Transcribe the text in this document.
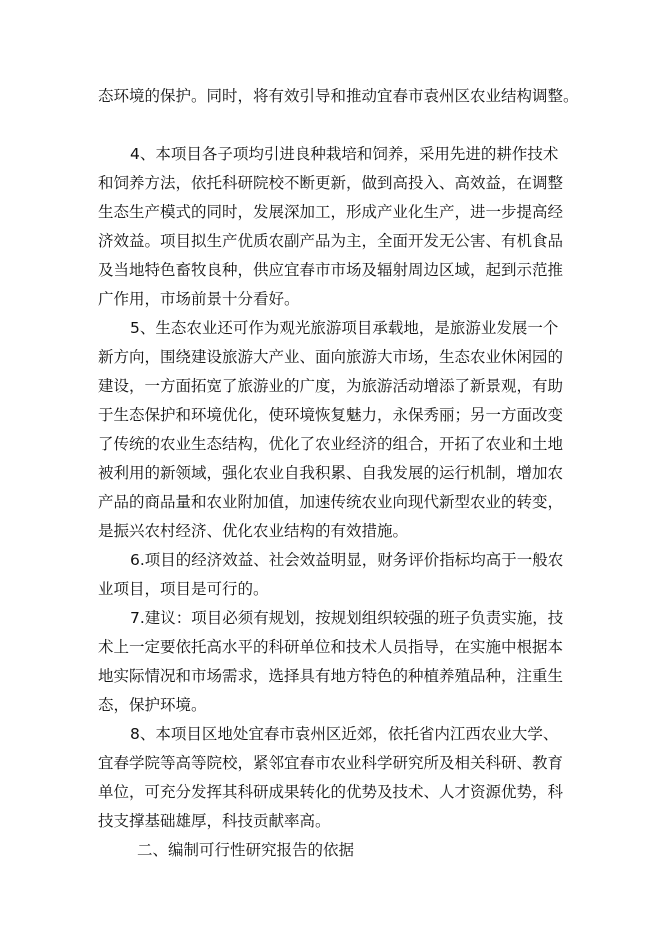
态环境的保护。同时，将有效引导和推动宜春市袁州区农业结构调整。
4、本项目各子项均引进良种栽培和饲养，采用先进的耕作技术
和饲养方法，依托科研院校不断更新，做到高投入、高效益，在调整
生态生产模式的同时，发展深加工，形成产业化生产，进一步提高经
济效益。项目拟生产优质农副产品为主，全面开发无公害、有机食品
及当地特色畜牧良种，供应宜春市市场及辐射周边区域，起到示范推
广作用，市场前景十分看好。
5、生态农业还可作为观光旅游项目承载地，是旅游业发展一个
新方向，围绕建设旅游大产业、面向旅游大市场，生态农业休闲园的
建设，一方面拓宽了旅游业的广度，为旅游活动增添了新景观，有助
于生态保护和环境优化，使环境恢复魅力，永保秀丽；另一方面改变
了传统的农业生态结构，优化了农业经济的组合，开拓了农业和土地
被利用的新领域，强化农业自我积累、自我发展的运行机制，增加农
产品的商品量和农业附加值，加速传统农业向现代新型农业的转变，
是振兴农村经济、优化农业结构的有效措施。
6.项目的经济效益、社会效益明显，财务评价指标均高于一般农
业项目，项目是可行的。
7.建议：项目必须有规划，按规划组织较强的班子负责实施，技
术上一定要依托高水平的科研单位和技术人员指导，在实施中根据本
地实际情况和市场需求，选择具有地方特色的种植养殖品种，注重生
态，保护环境。
8、本项目区地处宜春市袁州区近郊，依托省内江西农业大学、
宜春学院等高等院校，紧邻宜春市农业科学研究所及相关科研、教育
单位，可充分发挥其科研成果转化的优势及技术、人才资源优势，科
技支撑基础雄厚，科技贡献率高。
二、编制可行性研究报告的依据
